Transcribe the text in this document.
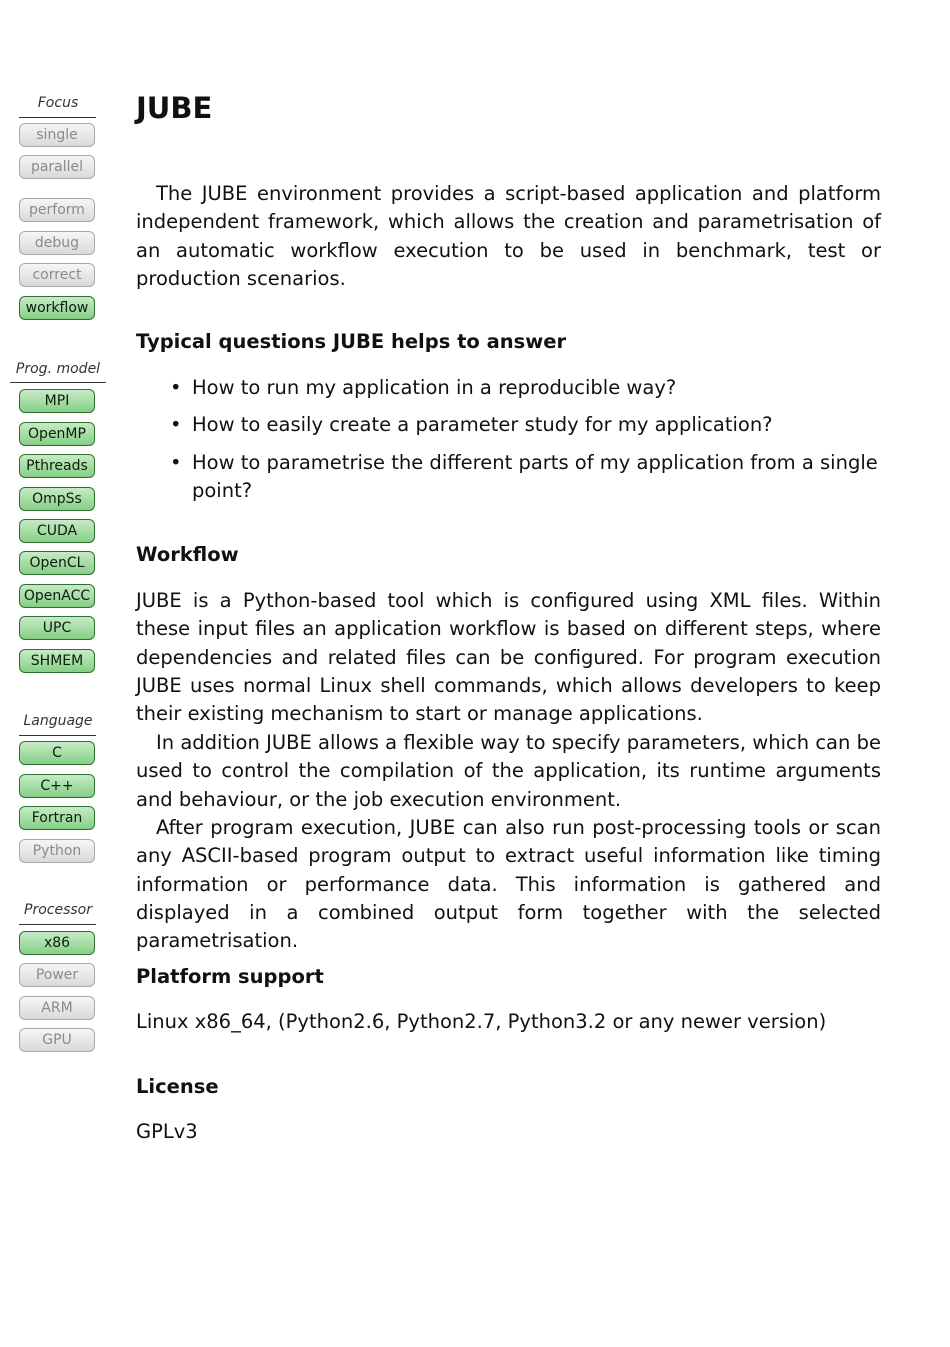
Focus
single
parallel
perform
debug
correct
workflow
Prog. model
MPI
OpenMP
Pthreads
OmpSs
CUDA
OpenCL
OpenACC
UPC
SHMEM
Language
C
C++
Fortran
Python
Processor
x86
Power
ARM
GPU
JUBE

The JUBE environment provides a script-based application and platform independent framework, which allows the creation and parametrisation of an automatic workflow execution to be used in benchmark, test or production scenarios.

Typical questions JUBE helps to answer
• How to run my application in a reproducible way?
• How to easily create a parameter study for my application?
• How to parametrise the different parts of my application from a single point?
Workflow

JUBE is a Python-based tool which is configured using XML files. Within these input files an application workflow is based on different steps, where dependencies and related files can be configured. For program execution JUBE uses normal Linux shell commands, which allows developers to keep their existing mechanism to start or manage applications.

In addition JUBE allows a flexible way to specify parameters, which can be used to control the compilation of the application, its runtime arguments and behaviour, or the job execution environment.

After program execution, JUBE can also run post-processing tools or scan any ASCII-based program output to extract useful information like timing information or performance data. This information is gathered and displayed in a combined output form together with the selected parametrisation.

Platform support

Linux x86_64, (Python2.6, Python2.7, Python3.2 or any newer version)

License

GPLv3
